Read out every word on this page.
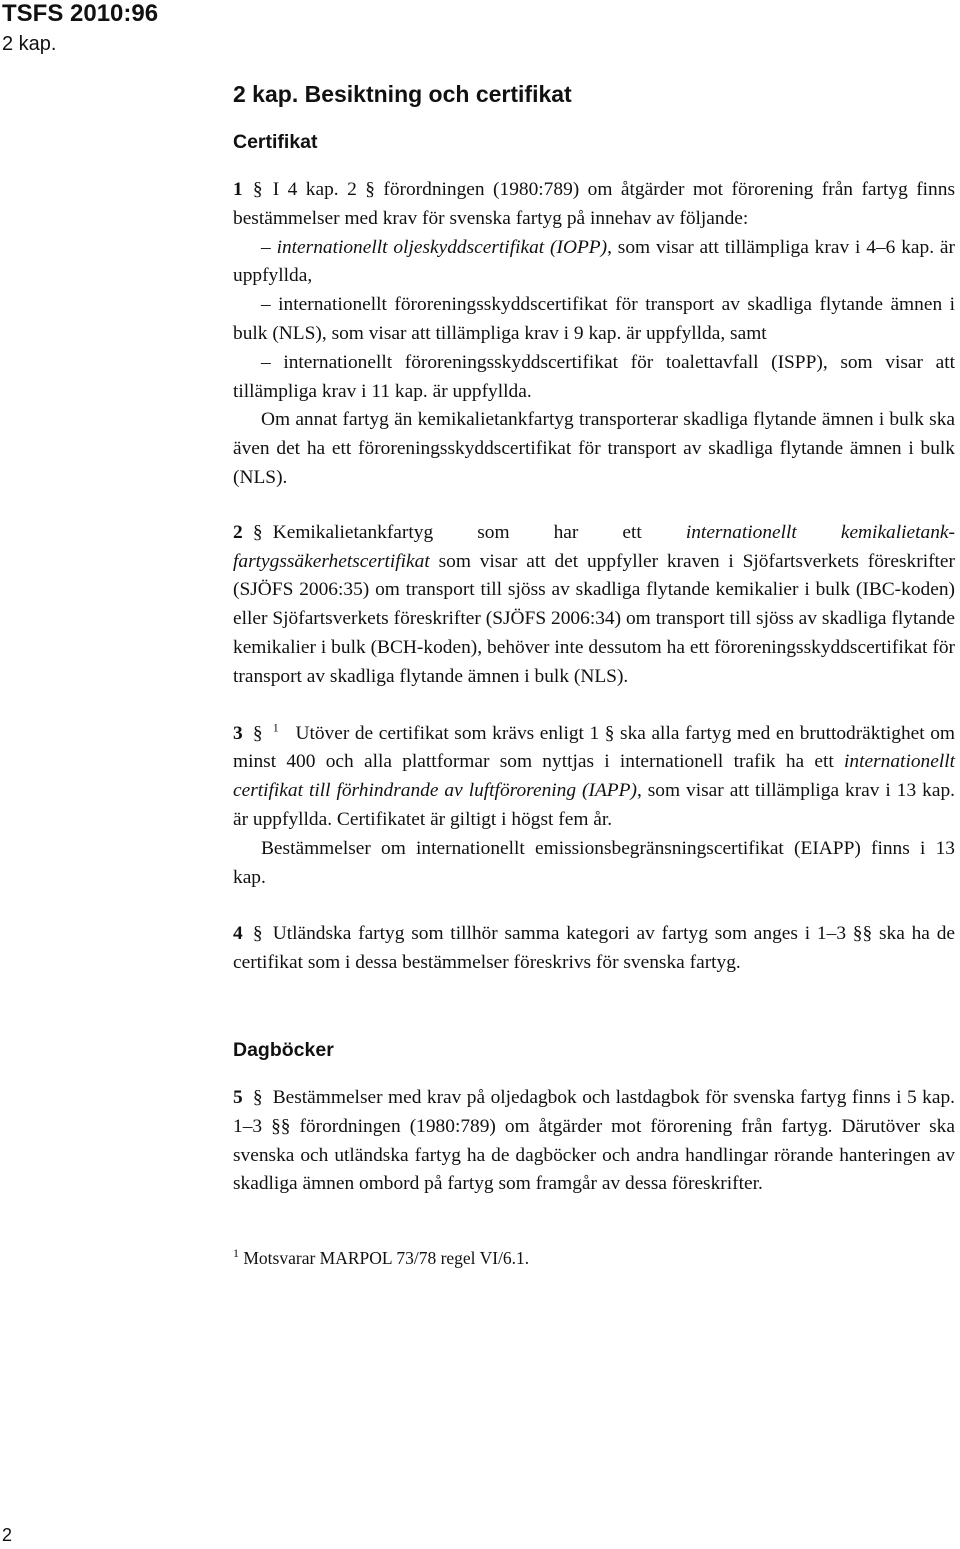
TSFS 2010:96
2 kap.
2 kap. Besiktning och certifikat
Certifikat

1 § I 4 kap. 2 § förordningen (1980:789) om åtgärder mot förorening från fartyg finns bestämmelser med krav för svenska fartyg på innehav av följande:

– internationellt oljeskyddscertifikat (IOPP), som visar att tillämpliga krav i 4–6 kap. är uppfyllda,

– internationellt föroreningsskyddscertifikat för transport av skadliga flytande ämnen i bulk (NLS), som visar att tillämpliga krav i 9 kap. är uppfyllda, samt

– internationellt föroreningsskyddscertifikat för toalettavfall (ISPP), som visar att tillämpliga krav i 11 kap. är uppfyllda.

Om annat fartyg än kemikalietankfartyg transporterar skadliga flytande ämnen i bulk ska även det ha ett föroreningsskyddscertifikat för transport av skadliga flytande ämnen i bulk (NLS).

2 § Kemikalietankfartyg som har ett internationellt kemikalietank-fartygssäkerhetscertifikat som visar att det uppfyller kraven i Sjöfartsverkets föreskrifter (SJÖFS 2006:35) om transport till sjöss av skadliga flytande kemikalier i bulk (IBC-koden) eller Sjöfartsverkets föreskrifter (SJÖFS 2006:34) om transport till sjöss av skadliga flytande kemikalier i bulk (BCH-koden), behöver inte dessutom ha ett föroreningsskyddscertifikat för transport av skadliga flytande ämnen i bulk (NLS).

3 § $^1$ Utöver de certifikat som krävs enligt 1 § ska alla fartyg med en bruttodräktighet om minst 400 och alla plattformar som nyttjas i internationell trafik ha ett internationellt certifikat till förhindrande av luftförorening (IAPP), som visar att tillämpliga krav i 13 kap. är uppfyllda. Certifikatet är giltigt i högst fem år.

Bestämmelser om internationellt emissionsbegränsningscertifikat (EIAPP) finns i 13 kap.

4 § Utländska fartyg som tillhör samma kategori av fartyg som anges i 1–3 §§ ska ha de certifikat som i dessa bestämmelser föreskrivs för svenska fartyg.

Dagböcker

5 § Bestämmelser med krav på oljedagbok och lastdagbok för svenska fartyg finns i 5 kap. 1–3 §§ förordningen (1980:789) om åtgärder mot förorening från fartyg. Därutöver ska svenska och utländska fartyg ha de dagböcker och andra handlingar rörande hanteringen av skadliga ämnen ombord på fartyg som framgår av dessa föreskrifter.

$^1$ Motsvarar MARPOL 73/78 regel VI/6.1.
2
